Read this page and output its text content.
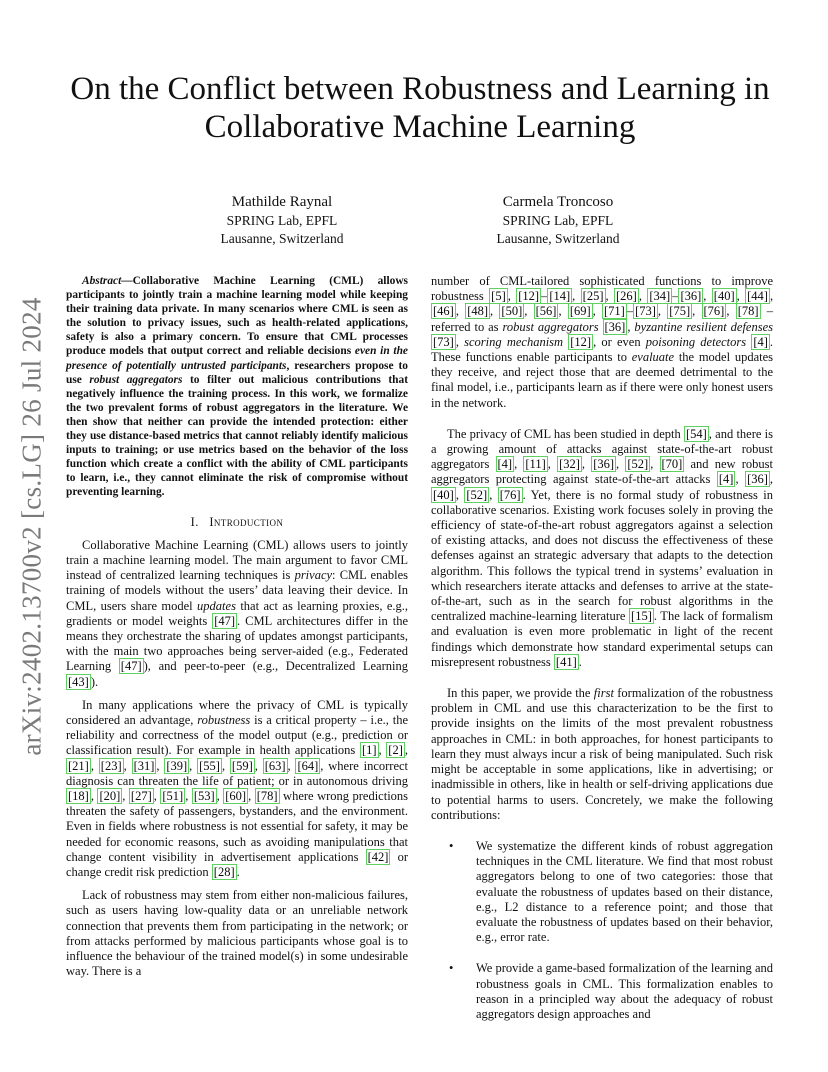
arXiv:2402.13700v2 [cs.LG] 26 Jul 2024
On the Conflict between Robustness and Learning in Collaborative Machine Learning
Mathilde Raynal
SPRING Lab, EPFL
Lausanne, Switzerland
Carmela Troncoso
SPRING Lab, EPFL
Lausanne, Switzerland

Abstract—Collaborative Machine Learning (CML) allows participants to jointly train a machine learning model while keeping their training data private. In many scenarios where CML is seen as the solution to privacy issues, such as health-related applications, safety is also a primary concern. To ensure that CML processes produce models that output correct and reliable decisions even in the presence of potentially untrusted participants, researchers propose to use robust aggregators to filter out malicious contributions that negatively influence the training process. In this work, we formalize the two prevalent forms of robust aggregators in the literature. We then show that neither can provide the intended protection: either they use distance-based metrics that cannot reliably identify malicious inputs to training; or use metrics based on the behavior of the loss function which create a conflict with the ability of CML participants to learn, i.e., they cannot eliminate the risk of compromise without preventing learning.

I. Introduction

Collaborative Machine Learning (CML) allows users to jointly train a machine learning model. The main argument to favor CML instead of centralized learning techniques is privacy: CML enables training of models without the users’ data leaving their device. In CML, users share model updates that act as learning proxies, e.g., gradients or model weights [47] . CML architectures differ in the means they orchestrate the sharing of updates amongst participants, with the main two approaches being server-aided (e.g., Federated Learning [47] ), and peer-to-peer (e.g., Decentralized Learning [43] ).

In many applications where the privacy of CML is typically considered an advantage, robustness is a critical property – i.e., the reliability and correctness of the model output (e.g., prediction or classification result). For example in health applications [1] , [2] , [21] , [23] , [31] , [39] , [55] , [59] , [63] , [64] , where incorrect diagnosis can threaten the life of patient; or in autonomous driving [18] , [20] , [27] , [51] , [53] , [60] , [78] where wrong predictions threaten the safety of passengers, bystanders, and the environment. Even in fields where robustness is not essential for safety, it may be needed for economic reasons, such as avoiding manipulations that change content visibility in advertisement applications [42] or change credit risk prediction [28] .

Lack of robustness may stem from either non-malicious failures, such as users having low-quality data or an unreliable network connection that prevents them from participating in the network; or from attacks performed by malicious participants whose goal is to influence the behaviour of the trained model(s) in some undesirable way. There is a

number of CML-tailored sophisticated functions to improve robustness [5] , [12] – [14] , [25] , [26] , [34] – [36] , [40] , [44] , [46] , [48] , [50] , [56] , [69] , [71] – [73] , [75] , [76] , [78] – referred to as robust aggregators [36] , byzantine resilient defenses [73] , scoring mechanism [12] , or even poisoning detectors [4] . These functions enable participants to evaluate the model updates they receive, and reject those that are deemed detrimental to the final model, i.e., participants learn as if there were only honest users in the network.

The privacy of CML has been studied in depth [54] , and there is a growing amount of attacks against state-of-the-art robust aggregators [4] , [11] , [32] , [36] , [52] , [70] and new robust aggregators protecting against state-of-the-art attacks [4] , [36] , [40] , [52] , [76] . Yet, there is no formal study of robustness in collaborative scenarios. Existing work focuses solely in proving the efficiency of state-of-the-art robust aggregators against a selection of existing attacks, and does not discuss the effectiveness of these defenses against an strategic adversary that adapts to the detection algorithm. This follows the typical trend in systems’ evaluation in which researchers iterate attacks and defenses to arrive at the state-of-the-art, such as in the search for robust algorithms in the centralized machine-learning literature [15] . The lack of formalism and evaluation is even more problematic in light of the recent findings which demonstrate how standard experimental setups can misrepresent robustness [41] .

In this paper, we provide the first formalization of the robustness problem in CML and use this characterization to be the first to provide insights on the limits of the most prevalent robustness approaches in CML: in both approaches, for honest participants to learn they must always incur a risk of being manipulated. Such risk might be acceptable in some applications, like in advertising; or inadmissible in others, like in health or self-driving applications due to potential harms to users. Concretely, we make the following contributions:

• We systematize the different kinds of robust aggregation techniques in the CML literature. We find that most robust aggregators belong to one of two categories: those that evaluate the robustness of updates based on their distance, e.g., L2 distance to a reference point; and those that evaluate the robustness of updates based on their behavior, e.g., error rate.
• We provide a game-based formalization of the learning and robustness goals in CML. This formalization enables to reason in a principled way about the adequacy of robust aggregators design approaches and
